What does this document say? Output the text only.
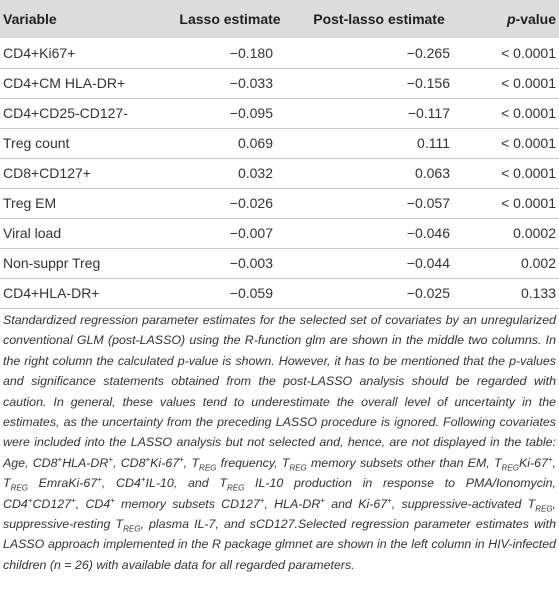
Variable	Lasso estimate	Post-lasso estimate	p-value
CD4+Ki67+	−0.180	−0.265	< 0.0001
CD4+CM HLA-DR+	−0.033	−0.156	< 0.0001
CD4+CD25-CD127-	−0.095	−0.117	< 0.0001
Treg count	0.069	0.111	< 0.0001
CD8+CD127+	0.032	0.063	< 0.0001
Treg EM	−0.026	−0.057	< 0.0001
Viral load	−0.007	−0.046	0.0002
Non-suppr Treg	−0.003	−0.044	0.002
CD4+HLA-DR+	−0.059	−0.025	0.133

Standardized regression parameter estimates for the selected set of covariates by an unregularized conventional GLM (post-LASSO) using the R-function glm are shown in the middle two columns. In the right column the calculated p-value is shown. However, it has to be mentioned that the p-values and significance statements obtained from the post-LASSO analysis should be regarded with caution. In general, these values tend to underestimate the overall level of uncertainty in the estimates, as the uncertainty from the preceding LASSO procedure is ignored. Following covariates were included into the LASSO analysis but not selected and, hence, are not displayed in the table: Age, CD8+HLA-DR+, CD8+Ki-67+, $T_{REG}$ frequency, $T_{REG}$ memory subsets other than EM, $T_{REG}Ki-67^+$, $T_{REG}$ EmraKi-67+, CD4+IL-10, and $T_{REG}$ IL-10 production in response to PMA/Ionomycin, CD4+CD127+, CD4+ memory subsets CD127+, HLA-DR+ and Ki-67+, suppressive-activated $T_{REG}$, suppressive-resting $T_{REG}$, plasma IL-7, and sCD127.Selected regression parameter estimates with LASSO approach implemented in the R package glmnet are shown in the left column in HIV-infected children (n = 26) with available data for all regarded parameters.
